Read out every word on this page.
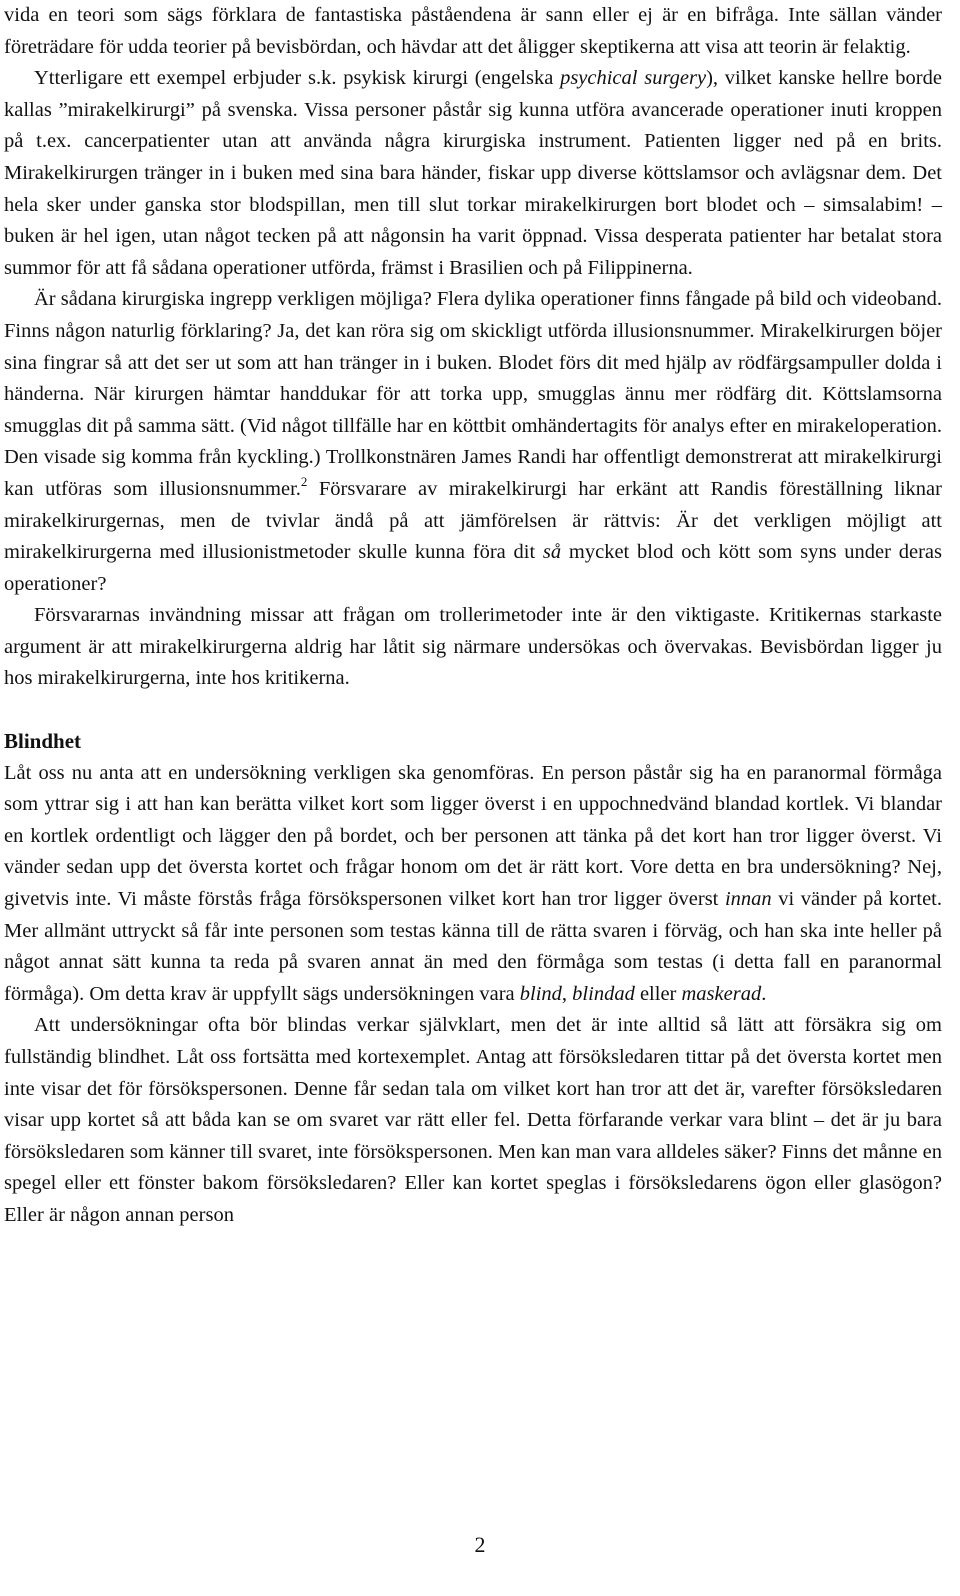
vida en teori som sägs förklara de fantastiska påståendena är sann eller ej är en bifråga. Inte sällan vänder företrädare för udda teorier på bevisbördan, och hävdar att det åligger skeptikerna att visa att teorin är felaktig.

Ytterligare ett exempel erbjuder s.k. psykisk kirurgi (engelska psychical surgery), vilket kanske hellre borde kallas ”mirakelkirurgi” på svenska. Vissa personer påstår sig kunna utföra avancerade operationer inuti kroppen på t.ex. cancerpatienter utan att använda några kirurgiska instrument. Patienten ligger ned på en brits. Mirakelkirurgen tränger in i buken med sina bara händer, fiskar upp diverse köttslamsor och avlägsnar dem. Det hela sker under ganska stor blodspillan, men till slut torkar mirakelkirurgen bort blodet och – simsalabim! – buken är hel igen, utan något tecken på att någonsin ha varit öppnad. Vissa desperata patienter har betalat stora summor för att få sådana operationer utförda, främst i Brasilien och på Filippinerna.

Är sådana kirurgiska ingrepp verkligen möjliga? Flera dylika operationer finns fångade på bild och videoband. Finns någon naturlig förklaring? Ja, det kan röra sig om skickligt utförda illusionsnummer. Mirakelkirurgen böjer sina fingrar så att det ser ut som att han tränger in i buken. Blodet förs dit med hjälp av rödfärgsampuller dolda i händerna. När kirurgen hämtar handdukar för att torka upp, smugglas ännu mer rödfärg dit. Köttslamsorna smugglas dit på samma sätt. (Vid något tillfälle har en köttbit omhändertagits för analys efter en mirakeloperation. Den visade sig komma från kyckling.) Trollkonstnären James Randi har offentligt demonstrerat att mirakelkirurgi kan utföras som illusionsnummer.$^2$ Försvarare av mirakelkirurgi har erkänt att Randis föreställning liknar mirakelkirurgernas, men de tvivlar ändå på att jämförelsen är rättvis: Är det verkligen möjligt att mirakelkirurgerna med illusionistmetoder skulle kunna föra dit så mycket blod och kött som syns under deras operationer?

Försvararnas invändning missar att frågan om trollerimetoder inte är den viktigaste. Kritikernas starkaste argument är att mirakelkirurgerna aldrig har låtit sig närmare undersökas och övervakas. Bevisbördan ligger ju hos mirakelkirurgerna, inte hos kritikerna.

Blindhet

Låt oss nu anta att en undersökning verkligen ska genomföras. En person påstår sig ha en paranormal förmåga som yttrar sig i att han kan berätta vilket kort som ligger överst i en uppochnedvänd blandad kortlek. Vi blandar en kortlek ordentligt och lägger den på bordet, och ber personen att tänka på det kort han tror ligger överst. Vi vänder sedan upp det översta kortet och frågar honom om det är rätt kort. Vore detta en bra undersökning? Nej, givetvis inte. Vi måste förstås fråga försökspersonen vilket kort han tror ligger överst innan vi vänder på kortet. Mer allmänt uttryckt så får inte personen som testas känna till de rätta svaren i förväg, och han ska inte heller på något annat sätt kunna ta reda på svaren annat än med den förmåga som testas (i detta fall en paranormal förmåga). Om detta krav är uppfyllt sägs undersökningen vara blind, blindad eller maskerad.

Att undersökningar ofta bör blindas verkar självklart, men det är inte alltid så lätt att försäkra sig om fullständig blindhet. Låt oss fortsätta med kortexemplet. Antag att försöksledaren tittar på det översta kortet men inte visar det för försökspersonen. Denne får sedan tala om vilket kort han tror att det är, varefter försöksledaren visar upp kortet så att båda kan se om svaret var rätt eller fel. Detta förfarande verkar vara blint – det är ju bara försöksledaren som känner till svaret, inte försökspersonen. Men kan man vara alldeles säker? Finns det månne en spegel eller ett fönster bakom försöksledaren? Eller kan kortet speglas i försöksledarens ögon eller glasögon? Eller är någon annan person

2
